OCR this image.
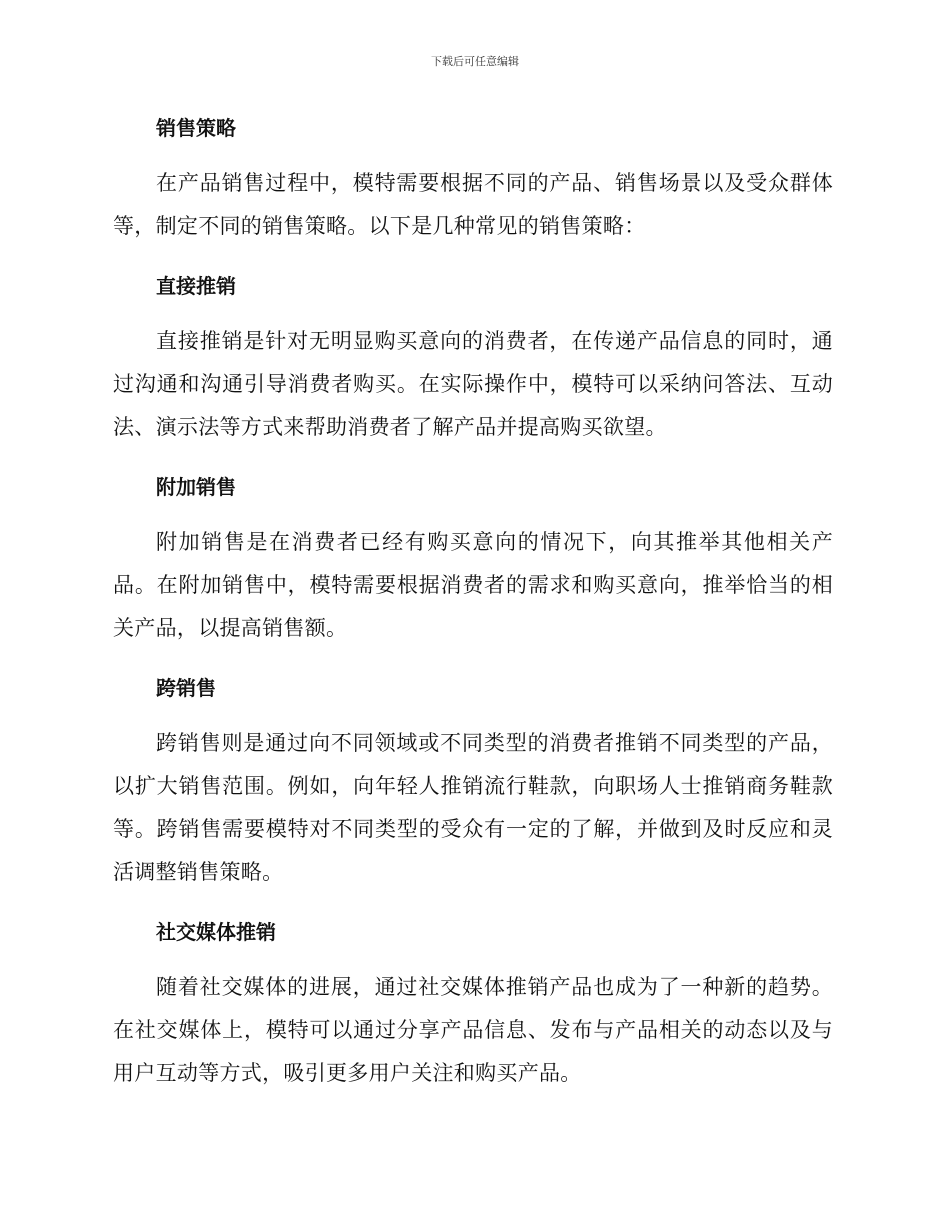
下载后可任意编辑
销售策略

在产品销售过程中，模特需要根据不同的产品、销售场景以及受众群体等，制定不同的销售策略。以下是几种常见的销售策略：

直接推销

直接推销是针对无明显购买意向的消费者，在传递产品信息的同时，通过沟通和沟通引导消费者购买。在实际操作中，模特可以采纳问答法、互动法、演示法等方式来帮助消费者了解产品并提高购买欲望。

附加销售

附加销售是在消费者已经有购买意向的情况下，向其推举其他相关产品。在附加销售中，模特需要根据消费者的需求和购买意向，推举恰当的相关产品，以提高销售额。

跨销售

跨销售则是通过向不同领域或不同类型的消费者推销不同类型的产品，以扩大销售范围。例如，向年轻人推销流行鞋款，向职场人士推销商务鞋款等。跨销售需要模特对不同类型的受众有一定的了解，并做到及时反应和灵活调整销售策略。

社交媒体推销

随着社交媒体的进展，通过社交媒体推销产品也成为了一种新的趋势。在社交媒体上，模特可以通过分享产品信息、发布与产品相关的动态以及与用户互动等方式，吸引更多用户关注和购买产品。
